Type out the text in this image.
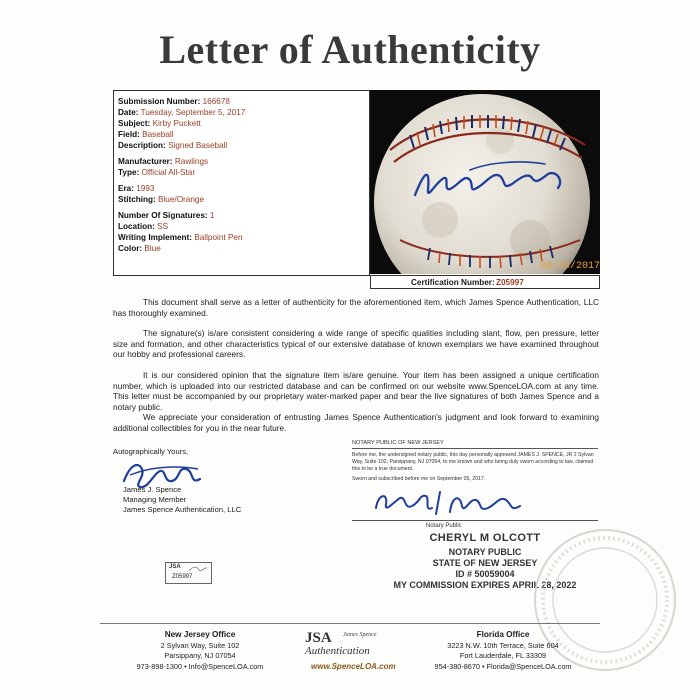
Letter of Authenticity
Submission Number: 166678
Date: Tuesday, September 5, 2017
Subject: Kirby Puckett
Field: Baseball
Description: Signed Baseball
Manufacturer: Rawlings
Type: Official All-Star
Era: 1993
Stitching: Blue/Orange
Number Of Signatures: 1
Location: SS
Writing Implement: Ballpoint Pen
Color: Blue
08/24/2017
Certification Number: Z05997
This document shall serve as a letter of authenticity for the aforementioned item, which James Spence Authentication, LLC has thoroughly examined.
The signature(s) is/are consistent considering a wide range of specific qualities including slant, flow, pen pressure, letter size and formation, and other characteristics typical of our extensive database of known exemplars we have examined throughout our hobby and professional careers.
It is our considered opinion that the signature item is/are genuine. Your item has been assigned a unique certification number, which is uploaded into our restricted database and can be confirmed on our website www.SpenceLOA.com at any time. This letter must be accompanied by our proprietary water-marked paper and bear the live signatures of both James Spence and a notary public.
We appreciate your consideration of entrusting James Spence Authentication's judgment and look forward to examining additional collectibles for you in the near future.
Autographically Yours,
James J. Spence
Managing Member
James Spence Authentication, LLC
NOTARY PUBLIC OF NEW JERSEY
Before me, the undersigned notary public, this day personally appeared JAMES J. SPENCE, JR 2 Sylvan Way, Suite 102, Parsippany, NJ 07054, to me known and who being duly sworn according to law, claimed this to be a true document.
Sworn and subscribed before me on September 05, 2017.
Notary Public
CHERYL M OLCOTT
NOTARY PUBLIC
STATE OF NEW JERSEY
ID # 50059004
MY COMMISSION EXPIRES APRIL 28, 2022
JSA
Z05997
New Jersey Office
2 Sylvan Way, Suite 102
Parsippany, NJ 07054
973-898-1300 • Info@SpenceLOA.com
JSA James Spence
Authentication
www.SpenceLOA.com
Florida Office
3223 N.W. 10th Terrace, Suite 604
Fort Lauderdale, FL 33309
954-380-8670 • Florida@SpenceLOA.com
